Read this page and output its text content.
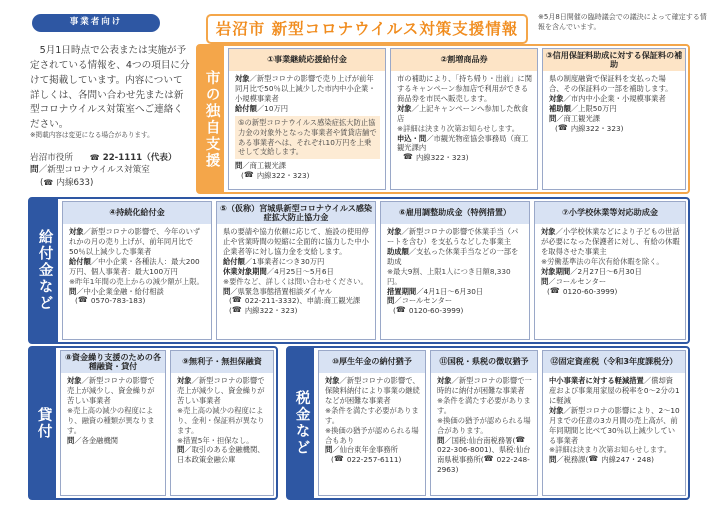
事業者向け	岩沼市 新型コロナウイルス対策支援情報
※5月8日開催の臨時議会での議決によって確定する情報を含んでいます。
5月1日時点で公表または実施が予定されている情報を、4つの項目に分けて掲載しています。内容について詳しくは、各問い合わせ先または新型コロナウイルス対策室へご連絡ください。
※掲載内容は変更になる場合があります。
岩沼市役所 ☎	22-1111（代表）
問／新型コロナウイルス対策室
( ☎ 内線633)
市の独自支援
①事業継続応援給付金

対象／新型コロナの影響で売り上げが前年同月比で50％以上減少した市内中小企業・小規模事業者

給付額／10万円

⑤の新型コロナウイルス感染症拡大防止協力金の対象外となった事業者や賃貸店舗である事業者へは、それぞれ10万円を上乗せして支給します。

問／商工観光課

( ☎ 内線322・323)

②割増商品券

市の補助により、「持ち帰り・出前」に関するキャンペーン参加店で利用ができる商品券を市民へ販売します。

対象／上記キャンペーンへ参加した飲食店

※詳細は決まり次第お知らせします。

申込・問／市観光物産協会事務局（商工観光課内

☎内線322・323)

③信用保証料助成に対する保証料の補助

県の制度融資で保証料を支払った場合、その保証料の一部を補助します。

対象／市内中小企業・小規模事業者

補助額／上限50万円

問／商工観光課

( ☎ 内線322・323)

給付金など
④持続化給付金

対象／新型コロナの影響で、今年のいずれかの月の売り上げが、前年同月比で50％以上減少した事業者

給付額／中小企業・各種法人：最大200万円、個人事業者：最大100万円

※昨年1年間の売上からの減少額が上限。

問／中小企業金融・給付相談

( ☎ 0570-783-183)

⑤（仮称）宮城県新型コロナウイルス感染症拡大防止協力金

県の要請や協力依頼に応じて、施設の使用停止や営業時間の短縮に全面的に協力した中小企業者等に対し協力金を支給します。

給付額／1事業者につき30万円

休業対象期間／4月25日～5月6日

※要件など、詳しくは問い合わせください。

問／県緊急事態措置相談ダイヤル

( ☎ 022-211-3332)、申請:商工観光課

( ☎ 内線322・323)

⑥雇用調整助成金（特例措置）

対象／新型コロナの影響で休業手当（パートを含む）を支払うなどした事業主

助成額／支払った休業手当などの一部を助成

※最大9割、上限1人につき日額8,330円。

措置期間／4月1日～6月30日

問／コールセンター

( ☎ 0120-60-3999)

⑦小学校休業等対応助成金

対象／小学校休業などにより子どもの世話が必要になった保護者に対し、有給の休暇を取得させた事業主

※労働基準法の年次有給休暇を除く。

対象期間／2月27日～6月30日

問／コールセンター

( ☎ 0120-60-3999)

貸付
⑧資金繰り支援のための各種融資・貸付

対象／新型コロナの影響で売上が減少し、資金繰りが苦しい事業者

※売上高の減少の程度により、融資の種類が異なります。

問／各金融機関

⑨無利子・無担保融資

対象／新型コロナの影響で売上が減少し、資金繰りが苦しい事業者

※売上高の減少の程度により、金利・保証料が異なります。

※措置5年・担保なし。

問／取引のある金融機関、日本政策金融公庫

税金など
⑩厚生年金の納付猶予

対象／新型コロナの影響で、保険料納付により事業の継続などが困難な事業者

※条件を満たす必要があります。

※換価の猶予が認められる場合もあり

問／仙台東年金事務所

( ☎ 022-257-6111)

⑪国税・県税の徴収猶予

対象／新型コロナの影響で一時的に納付が困難な事業者

※条件を満たす必要があります。

※換価の猶予が認められる場合があります。

問／国税:仙台南税務署(☎022-306-8001)、県税:仙台南県税事務所( ☎ 022-248-2963)

⑫固定資産税（令和3年度課税分）

中小事業者に対する軽減措置／償却資産および事業用家屋の税率を0～2分の1に軽減

対象／新型コロナの影響により、2～10月までの任意の3カ月間の売上高が、前年同期間と比べて30％以上減少している事業者

※詳細は決まり次第お知らせします。

問／税務課( ☎ 内線247・248)
